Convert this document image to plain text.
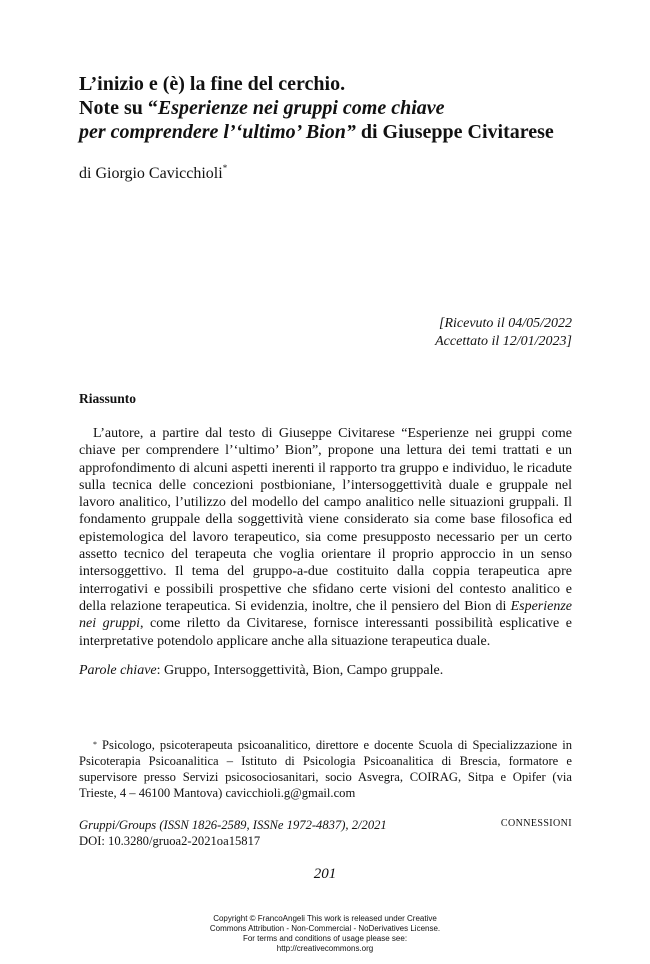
L’inizio e (è) la fine del cerchio.
Note su “Esperienze nei gruppi come chiave
per comprendere l’‘ultimo’ Bion” di Giuseppe Civitarese
di Giorgio Cavicchioli*
[Ricevuto il 04/05/2022
Accettato il 12/01/2023]
Riassunto

L’autore, a partire dal testo di Giuseppe Civitarese “Esperienze nei gruppi come chiave per comprendere l’‘ultimo’ Bion”, propone una lettura dei temi trattati e un approfondimento di alcuni aspetti inerenti il rapporto tra gruppo e individuo, le ricadute sulla tecnica delle concezioni postbioniane, l’intersoggettività duale e gruppale nel lavoro analitico, l’utilizzo del modello del campo analitico nelle situazioni gruppali. Il fondamento gruppale della soggettività viene considerato sia come base filosofica ed epistemologica del lavoro terapeutico, sia come presupposto necessario per un certo assetto tecnico del terapeuta che voglia orientare il proprio approccio in un senso intersoggettivo. Il tema del gruppo-a-due costituito dalla coppia terapeutica apre interrogativi e possibili prospettive che sfidano certe visioni del contesto analitico e della relazione terapeutica. Si evidenzia, inoltre, che il pensiero del Bion di Esperienze nei gruppi, come riletto da Civitarese, fornisce interessanti possibilità esplicative e interpretative potendolo applicare anche alla situazione terapeutica duale.

Parole chiave: Gruppo, Intersoggettività, Bion, Campo gruppale.

* Psicologo, psicoterapeuta psicoanalitico, direttore e docente Scuola di Specializzazione in Psicoterapia Psicoanalitica – Istituto di Psicologia Psicoanalitica di Brescia, formatore e supervisore presso Servizi psicosociosanitari, socio Asvegra, COIRAG, Sitpa e Opifer (via Trieste, 4 – 46100 Mantova) cavicchioli.g@gmail.com

Gruppi/Groups (ISSN 1826-2589, ISSNe 1972-4837), 2/2021
DOI: 10.3280/gruoa2-2021oa15817
CONNESSIONI
201
Copyright © FrancoAngeli This work is released under Creative
Commons Attribution - Non-Commercial - NoDerivatives License.
For terms and conditions of usage please see:
http://creativecommons.org
